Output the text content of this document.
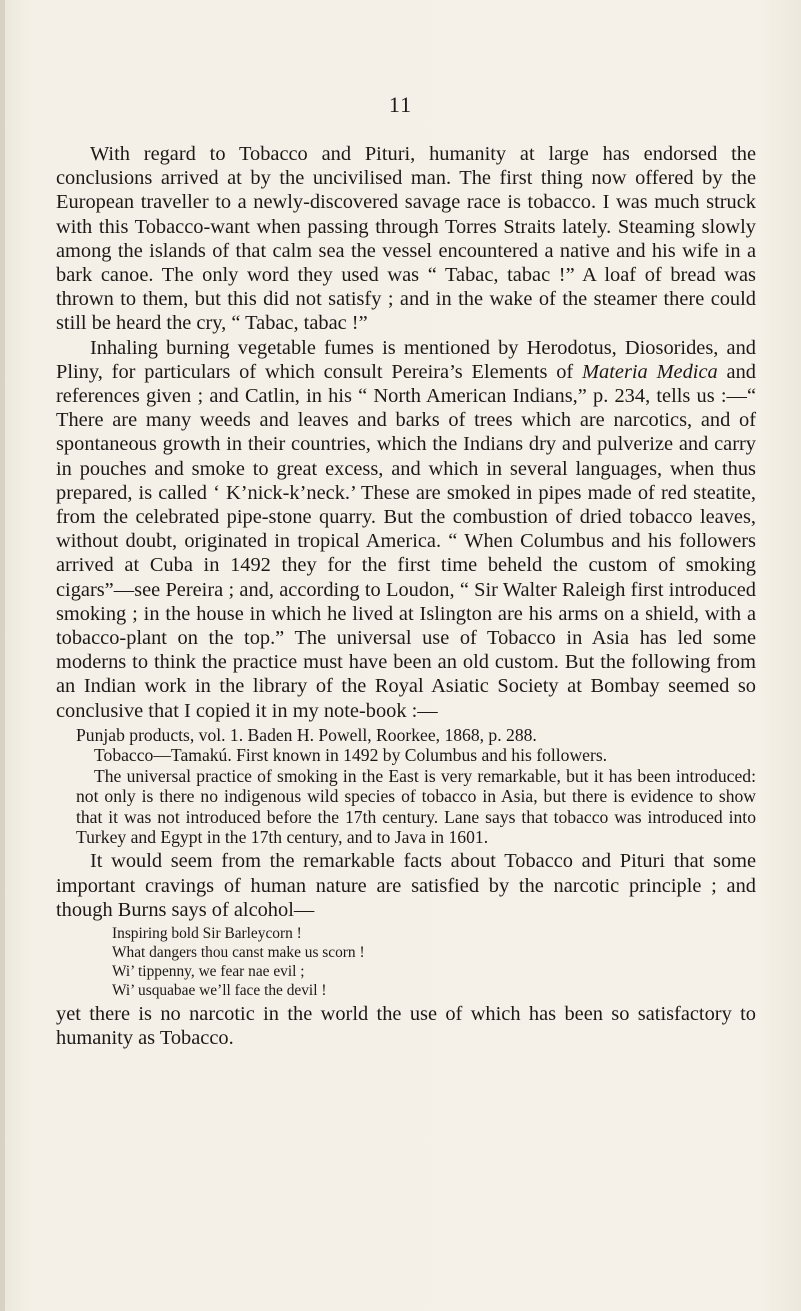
11

With regard to Tobacco and Pituri, humanity at large has endorsed the conclusions arrived at by the uncivilised man. The first thing now offered by the European traveller to a newly-discovered savage race is tobacco. I was much struck with this Tobacco-want when passing through Torres Straits lately. Steaming slowly among the islands of that calm sea the vessel encountered a native and his wife in a bark canoe. The only word they used was “ Tabac, tabac !” A loaf of bread was thrown to them, but this did not satisfy ; and in the wake of the steamer there could still be heard the cry, “ Tabac, tabac !”

Inhaling burning vegetable fumes is mentioned by Herodotus, Diosorides, and Pliny, for particulars of which consult Pereira’s Elements of Materia Medica and references given ; and Catlin, in his “ North American Indians,” p. 234, tells us :—“ There are many weeds and leaves and barks of trees which are narcotics, and of spontaneous growth in their countries, which the Indians dry and pulverize and carry in pouches and smoke to great excess, and which in several languages, when thus prepared, is called ‘ K’nick-k’neck.’ These are smoked in pipes made of red steatite, from the celebrated pipe-stone quarry. But the combustion of dried tobacco leaves, without doubt, originated in tropical America. “ When Columbus and his followers arrived at Cuba in 1492 they for the first time beheld the custom of smoking cigars”—see Pereira ; and, according to Loudon, “ Sir Walter Raleigh first introduced smoking ; in the house in which he lived at Islington are his arms on a shield, with a tobacco-plant on the top.” The universal use of Tobacco in Asia has led some moderns to think the practice must have been an old custom. But the following from an Indian work in the library of the Royal Asiatic Society at Bombay seemed so conclusive that I copied it in my note-book :—

Punjab products, vol. 1. Baden H. Powell, Roorkee, 1868, p. 288.
Tobacco—Tamakú. First known in 1492 by Columbus and his followers.
The universal practice of smoking in the East is very remarkable, but it has been introduced: not only is there no indigenous wild species of tobacco in Asia, but there is evidence to show that it was not introduced before the 17th century. Lane says that tobacco was introduced into Turkey and Egypt in the 17th century, and to Java in 1601.

It would seem from the remarkable facts about Tobacco and Pituri that some important cravings of human nature are satisfied by the narcotic principle ; and though Burns says of alcohol—

Inspiring bold Sir Barleycorn !
What dangers thou canst make us scorn !
Wi’ tippenny, we fear nae evil ;
Wi’ usquabae we’ll face the devil !

yet there is no narcotic in the world the use of which has been so satisfactory to humanity as Tobacco.
